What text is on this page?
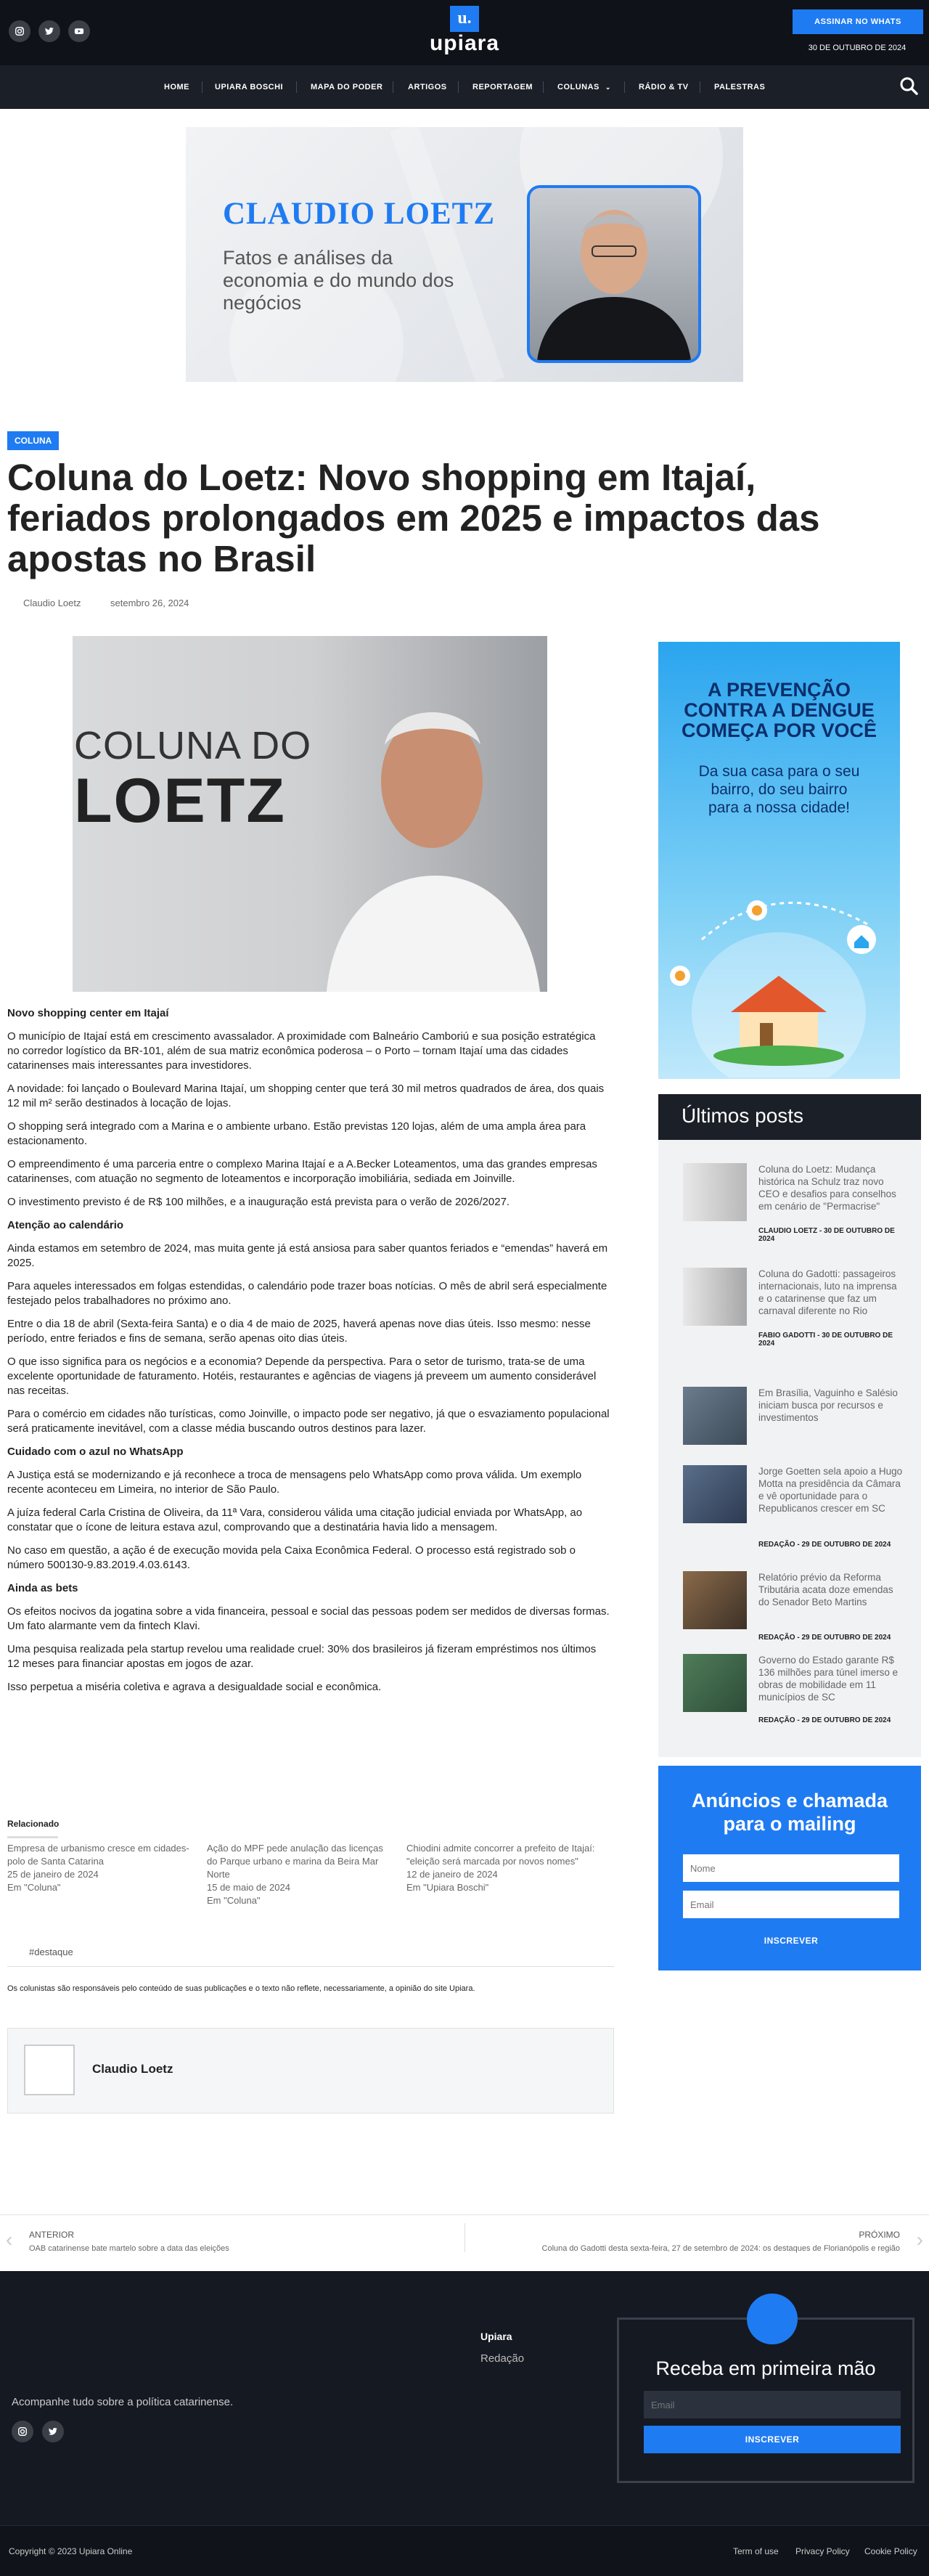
u.
upiara
ASSINAR NO WHATS
30 DE OUTUBRO DE 2024
HOME	UPIARA BOSCHI	MAPA DO PODER	ARTIGOS	REPORTAGEM	COLUNAS ⌄	RÁDIO & TV	PALESTRAS
CLAUDIO LOETZ
Fatos e análises da economia e do mundo dos negócios
COLUNA
Coluna do Loetz: Novo shopping em Itajaí, feriados prolongados em 2025 e impactos das apostas no Brasil
Claudio Loetz	setembro 26, 2024
COLUNA DO
LOETZ
Novo shopping center em Itajaí

O município de Itajaí está em crescimento avassalador. A proximidade com Balneário Camboriú e sua posição estratégica no corredor logístico da BR-101, além de sua matriz econômica poderosa – o Porto – tornam Itajaí uma das cidades catarinenses mais interessantes para investidores.

A novidade: foi lançado o Boulevard Marina Itajaí, um shopping center que terá 30 mil metros quadrados de área, dos quais 12 mil m² serão destinados à locação de lojas.

O shopping será integrado com a Marina e o ambiente urbano. Estão previstas 120 lojas, além de uma ampla área para estacionamento.

O empreendimento é uma parceria entre o complexo Marina Itajaí e a A.Becker Loteamentos, uma das grandes empresas catarinenses, com atuação no segmento de loteamentos e incorporação imobiliária, sediada em Joinville.

O investimento previsto é de R$ 100 milhões, e a inauguração está prevista para o verão de 2026/2027.

Atenção ao calendário

Ainda estamos em setembro de 2024, mas muita gente já está ansiosa para saber quantos feriados e “emendas” haverá em 2025.

Para aqueles interessados em folgas estendidas, o calendário pode trazer boas notícias. O mês de abril será especialmente festejado pelos trabalhadores no próximo ano.

Entre o dia 18 de abril (Sexta-feira Santa) e o dia 4 de maio de 2025, haverá apenas nove dias úteis. Isso mesmo: nesse período, entre feriados e fins de semana, serão apenas oito dias úteis.

O que isso significa para os negócios e a economia? Depende da perspectiva. Para o setor de turismo, trata-se de uma excelente oportunidade de faturamento. Hotéis, restaurantes e agências de viagens já preveem um aumento considerável nas receitas.

Para o comércio em cidades não turísticas, como Joinville, o impacto pode ser negativo, já que o esvaziamento populacional será praticamente inevitável, com a classe média buscando outros destinos para lazer.

Cuidado com o azul no WhatsApp

A Justiça está se modernizando e já reconhece a troca de mensagens pelo WhatsApp como prova válida. Um exemplo recente aconteceu em Limeira, no interior de São Paulo.

A juíza federal Carla Cristina de Oliveira, da 11ª Vara, considerou válida uma citação judicial enviada por WhatsApp, ao constatar que o ícone de leitura estava azul, comprovando que a destinatária havia lido a mensagem.

No caso em questão, a ação é de execução movida pela Caixa Econômica Federal. O processo está registrado sob o número 500130-9.83.2019.4.03.6143.

Ainda as bets

Os efeitos nocivos da jogatina sobre a vida financeira, pessoal e social das pessoas podem ser medidos de diversas formas. Um fato alarmante vem da fintech Klavi.

Uma pesquisa realizada pela startup revelou uma realidade cruel: 30% dos brasileiros já fizeram empréstimos nos últimos 12 meses para financiar apostas em jogos de azar.

Isso perpetua a miséria coletiva e agrava a desigualdade social e econômica.

Relacionado
Empresa de urbanismo cresce em cidades-polo de Santa Catarina
25 de janeiro de 2024
Em "Coluna"
Ação do MPF pede anulação das licenças do Parque urbano e marina da Beira Mar Norte
15 de maio de 2024
Em "Coluna"
Chiodini admite concorrer a prefeito de Itajaí: "eleição será marcada por novos nomes"
12 de janeiro de 2024
Em "Upiara Boschi"
#destaque
Os colunistas são responsáveis pelo conteúdo de suas publicações e o texto não reflete, necessariamente, a opinião do site Upiara.
Claudio Loetz
‹ ANTERIOR
OAB catarinense bate martelo sobre a data das eleições
PRÓXIMO
Coluna do Gadotti desta sexta-feira, 27 de setembro de 2024: os destaques de Florianópolis e região ›
A PREVENÇÃO CONTRA A DENGUE COMEÇA POR VOCÊ
Da sua casa para o seu bairro, do seu bairro para a nossa cidade!
Últimos posts
Coluna do Loetz: Mudança histórica na Schulz traz novo CEO e desafios para conselhos em cenário de "Permacrise"
CLAUDIO LOETZ - 30 DE OUTUBRO DE 2024
Coluna do Gadotti: passageiros internacionais, luto na imprensa e o catarinense que faz um carnaval diferente no Rio
FABIO GADOTTI - 30 DE OUTUBRO DE 2024
Em Brasília, Vaguinho e Salésio iniciam busca por recursos e investimentos
Jorge Goetten sela apoio a Hugo Motta na presidência da Câmara e vê oportunidade para o Republicanos crescer em SC
REDAÇÃO - 29 DE OUTUBRO DE 2024
Relatório prévio da Reforma Tributária acata doze emendas do Senador Beto Martins
REDAÇÃO - 29 DE OUTUBRO DE 2024
Governo do Estado garante R$ 136 milhões para túnel imerso e obras de mobilidade em 11 municípios de SC
REDAÇÃO - 29 DE OUTUBRO DE 2024
Anúncios e chamada para o mailing
Nome
Email
INSCREVER
Acompanhe tudo sobre a política catarinense.
Upiara
Redação	Receba em primeira mão
Email
INSCREVER
Copyright © 2023 Upiara Online	Term of use Privacy Policy Cookie Policy
